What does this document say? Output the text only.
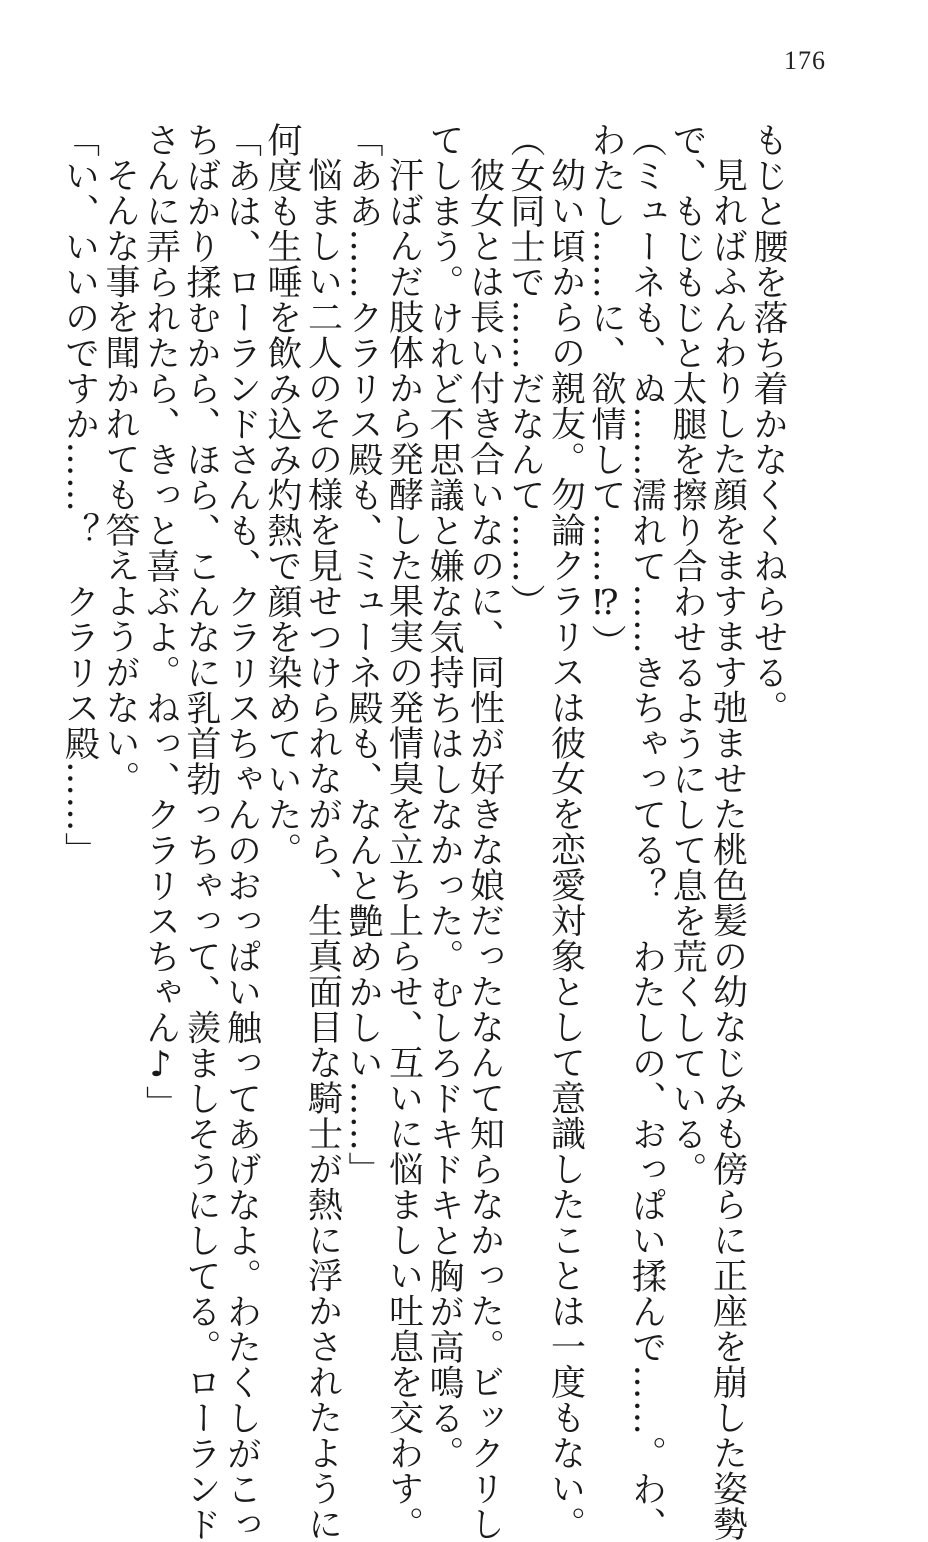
176
もじと腰を落ち着かなくくねらせる。
見ればふんわりした顔をますます弛ませた桃色髪の幼なじみも傍らに正座を崩した姿勢
で、もじもじと太腿を擦り合わせるようにして息を荒くしている。
（ミューネも、ぬ……濡れて……きちゃってる？　わたしの、おっぱい揉んで……。わ、
わたし……に、欲情して……⁉）
幼い頃からの親友。勿論クラリスは彼女を恋愛対象として意識したことは一度もない。
（女同士で……だなんて……）
彼女とは長い付き合いなのに、同性が好きな娘だったなんて知らなかった。ビックリし
てしまう。けれど不思議と嫌な気持ちはしなかった。むしろドキドキと胸が高鳴る。
汗ばんだ肢体から発酵した果実の発情臭を立ち上らせ、互いに悩ましい吐息を交わす。
「ああ……クラリス殿も、ミューネ殿も、なんと艶めかしい……」
悩ましい二人のその様を見せつけられながら、生真面目な騎士が熱に浮かされたように
何度も生唾を飲み込み灼熱で顔を染めていた。
「あは、ローランドさんも、クラリスちゃんのおっぱい触ってあげなよ。わたくしがこっ
ちばかり揉むから、ほら、こんなに乳首勃っちゃって、羨ましそうにしてる。ローランド
さんに弄られたら、きっと喜ぶよ。ねっ、クラリスちゃん♪」
そんな事を聞かれても答えようがない。
「い、いいのですか……？　クラリス殿……」
